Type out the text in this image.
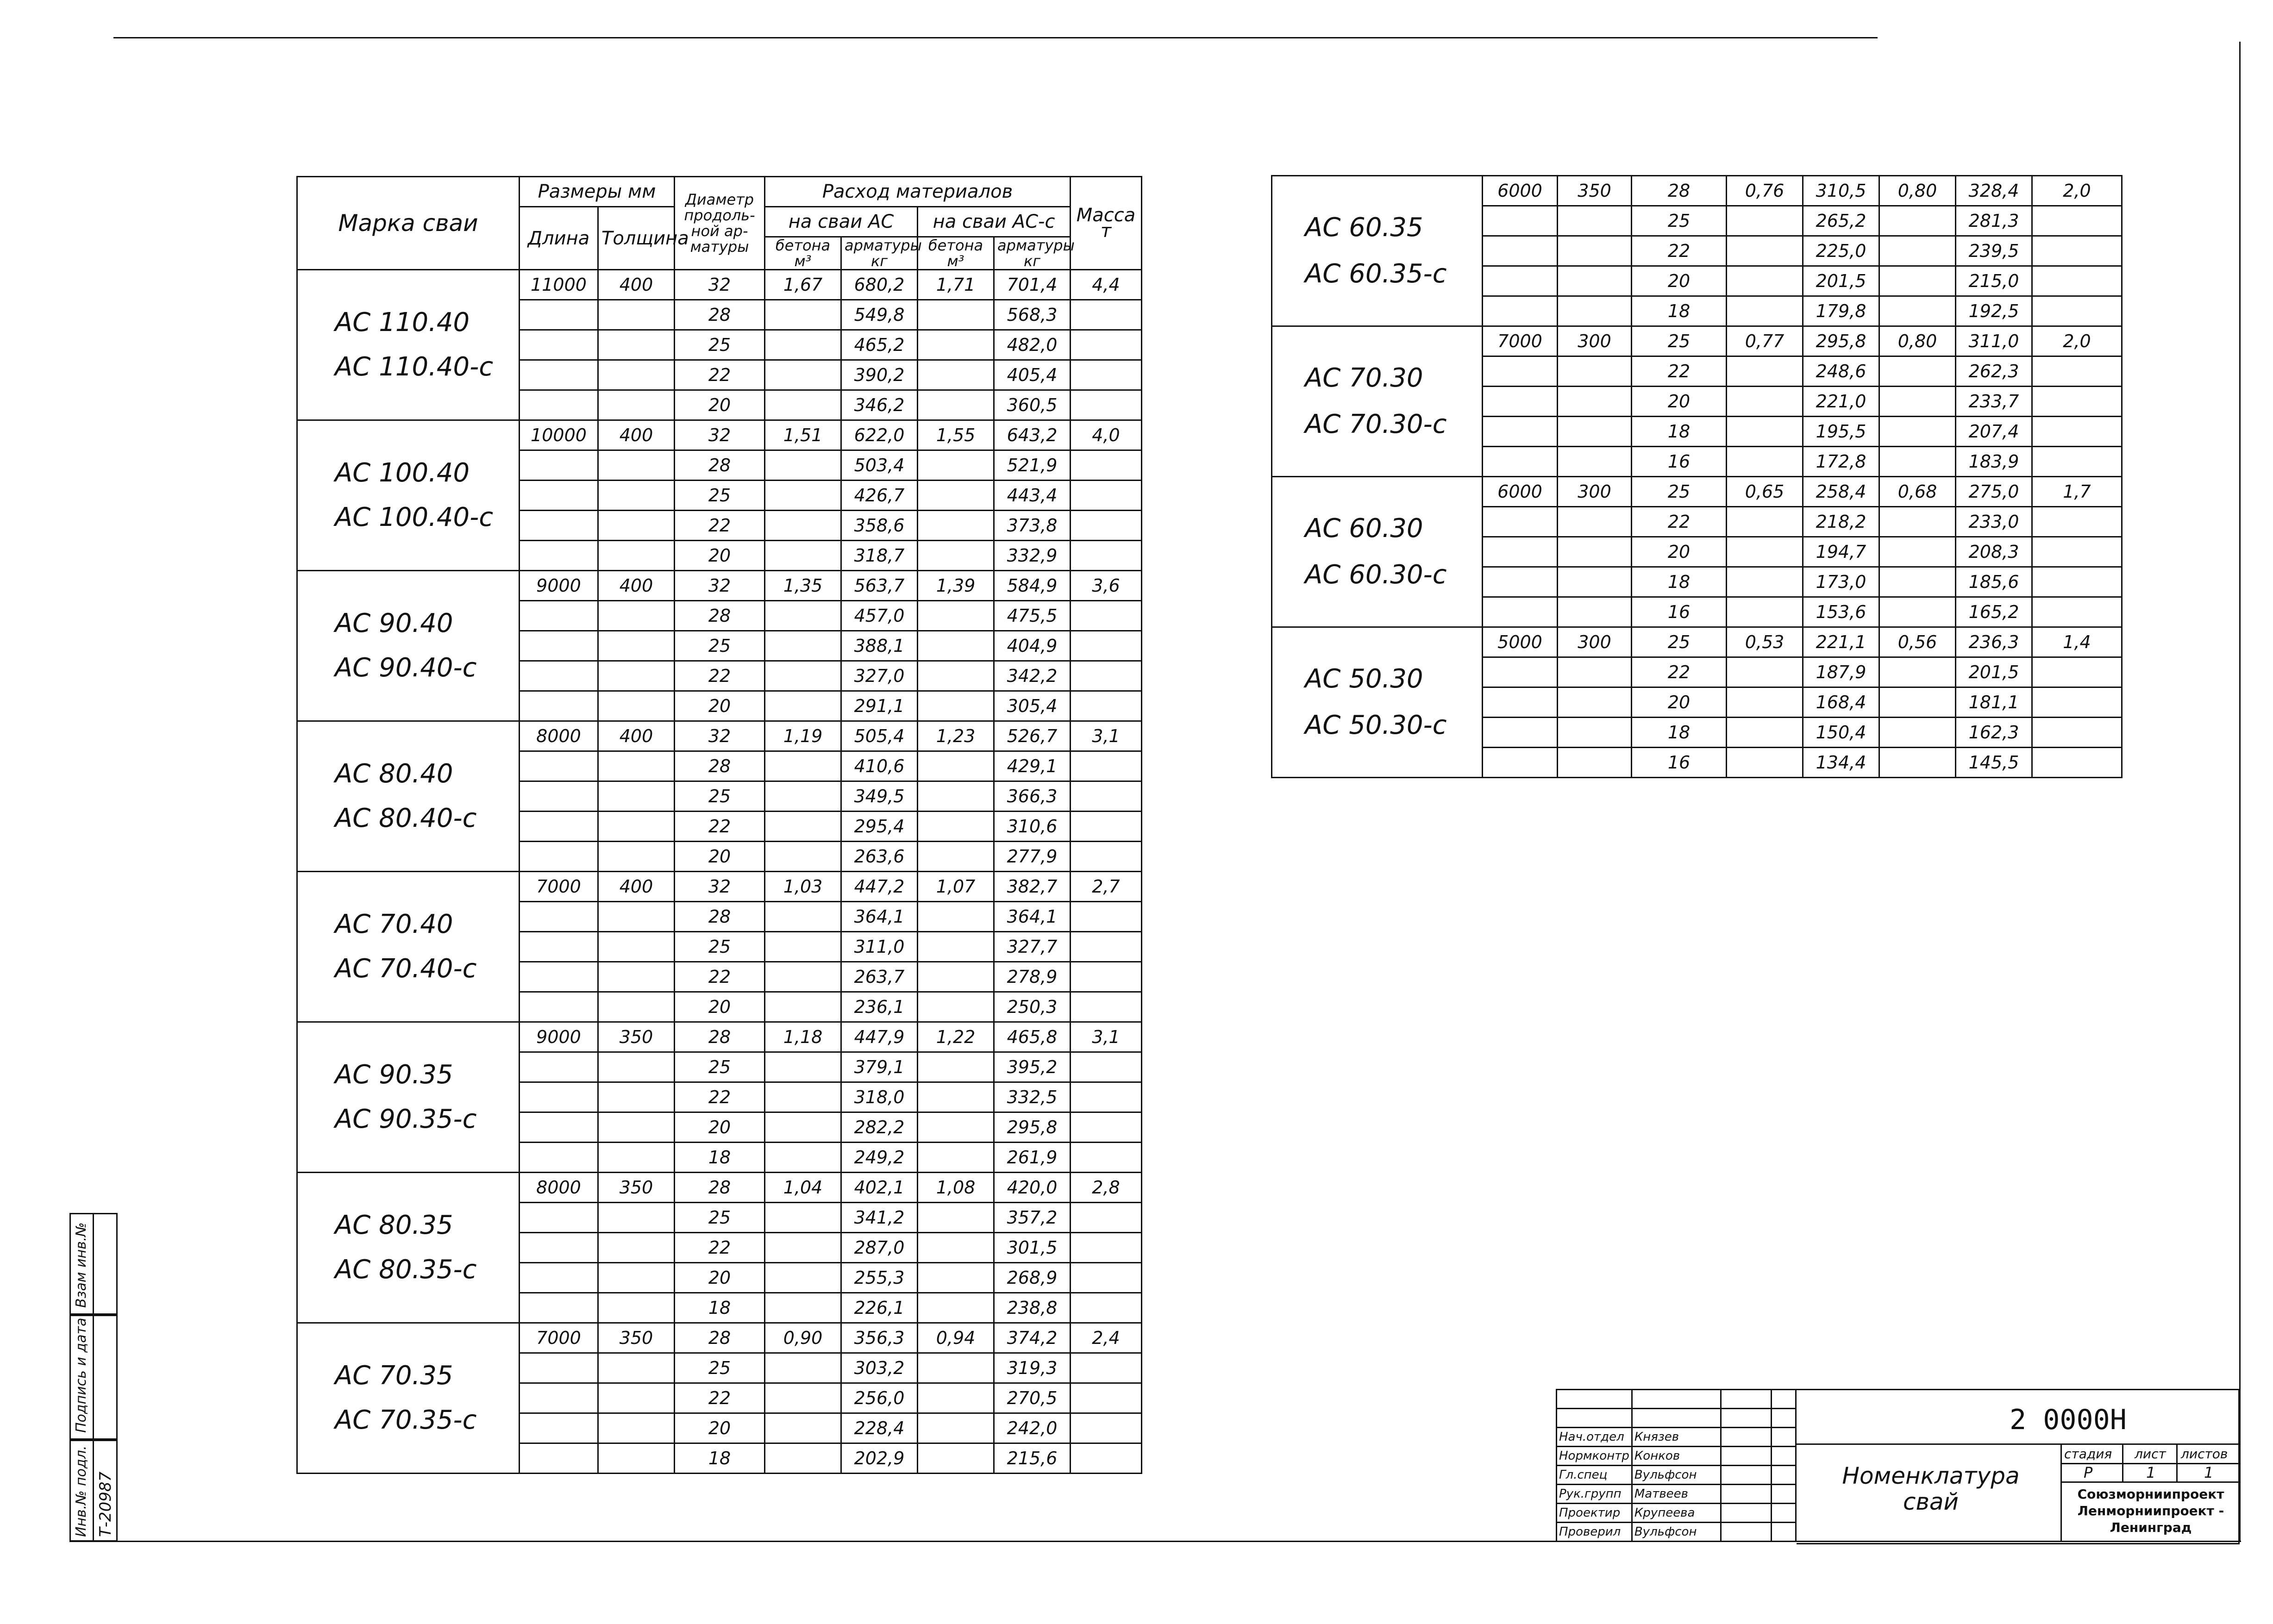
Марка сваи	Размеры мм		Диаметр продоль-ной ар-матуры	Расход материалов				Масса т
	Длина	Толщина		на сваи АС		на сваи АС-с		
				бетона м³	арматуры кг	бетона м³	арматуры кг	
АС 110.40
АС 110.40-с	11000	400	32	1,67	680,2	1,71	701,4	4,4
			28		549,8		568,3	
			25		465,2		482,0	
			22		390,2		405,4	
			20		346,2		360,5	
АС 100.40
АС 100.40-с	10000	400	32	1,51	622,0	1,55	643,2	4,0
			28		503,4		521,9	
			25		426,7		443,4	
			22		358,6		373,8	
			20		318,7		332,9	
АС 90.40
АС 90.40-с	9000	400	32	1,35	563,7	1,39	584,9	3,6
			28		457,0		475,5	
			25		388,1		404,9	
			22		327,0		342,2	
			20		291,1		305,4	
АС 80.40
АС 80.40-с	8000	400	32	1,19	505,4	1,23	526,7	3,1
			28		410,6		429,1	
			25		349,5		366,3	
			22		295,4		310,6	
			20		263,6		277,9	
АС 70.40
АС 70.40-с	7000	400	32	1,03	447,2	1,07	382,7	2,7
			28		364,1		364,1	
			25		311,0		327,7	
			22		263,7		278,9	
			20		236,1		250,3	
АС 90.35
АС 90.35-с	9000	350	28	1,18	447,9	1,22	465,8	3,1
			25		379,1		395,2	
			22		318,0		332,5	
			20		282,2		295,8	
			18		249,2		261,9	
АС 80.35
АС 80.35-с	8000	350	28	1,04	402,1	1,08	420,0	2,8
			25		341,2		357,2	
			22		287,0		301,5	
			20		255,3		268,9	
			18		226,1		238,8	
АС 70.35
АС 70.35-с	7000	350	28	0,90	356,3	0,94	374,2	2,4
			25		303,2		319,3	
			22		256,0		270,5	
			20		228,4		242,0	
			18		202,9		215,6	
АС 60.35
АС 60.35-с	6000	350	28	0,76	310,5	0,80	328,4	2,0
			25		265,2		281,3	
			22		225,0		239,5	
			20		201,5		215,0	
			18		179,8		192,5	
АС 70.30
АС 70.30-с	7000	300	25	0,77	295,8	0,80	311,0	2,0
			22		248,6		262,3	
			20		221,0		233,7	
			18		195,5		207,4	
			16		172,8		183,9	
АС 60.30
АС 60.30-с	6000	300	25	0,65	258,4	0,68	275,0	1,7
			22		218,2		233,0	
			20		194,7		208,3	
			18		173,0		185,6	
			16		153,6		165,2	
АС 50.30
АС 50.30-с	5000	300	25	0,53	221,1	0,56	236,3	1,4
			22		187,9		201,5	
			20		168,4		181,1	
			18		150,4		162,3	
			16		134,4		145,5	
Взам инв.№
Подпись и дата
Инв.№ подл. Т-20987

Нач.отдел	Князев		
Нормконтр	Конков		
Гл.спец	Вульфсон		
Рук.групп	Матвеев		
Проектир	Крупеева		
Проверил	Вульфсон		
2 0000Н
Номенклатура свай
стадия лист листов
Р	1	1
Союзморниипроект Ленморниипроект - Ленинград
